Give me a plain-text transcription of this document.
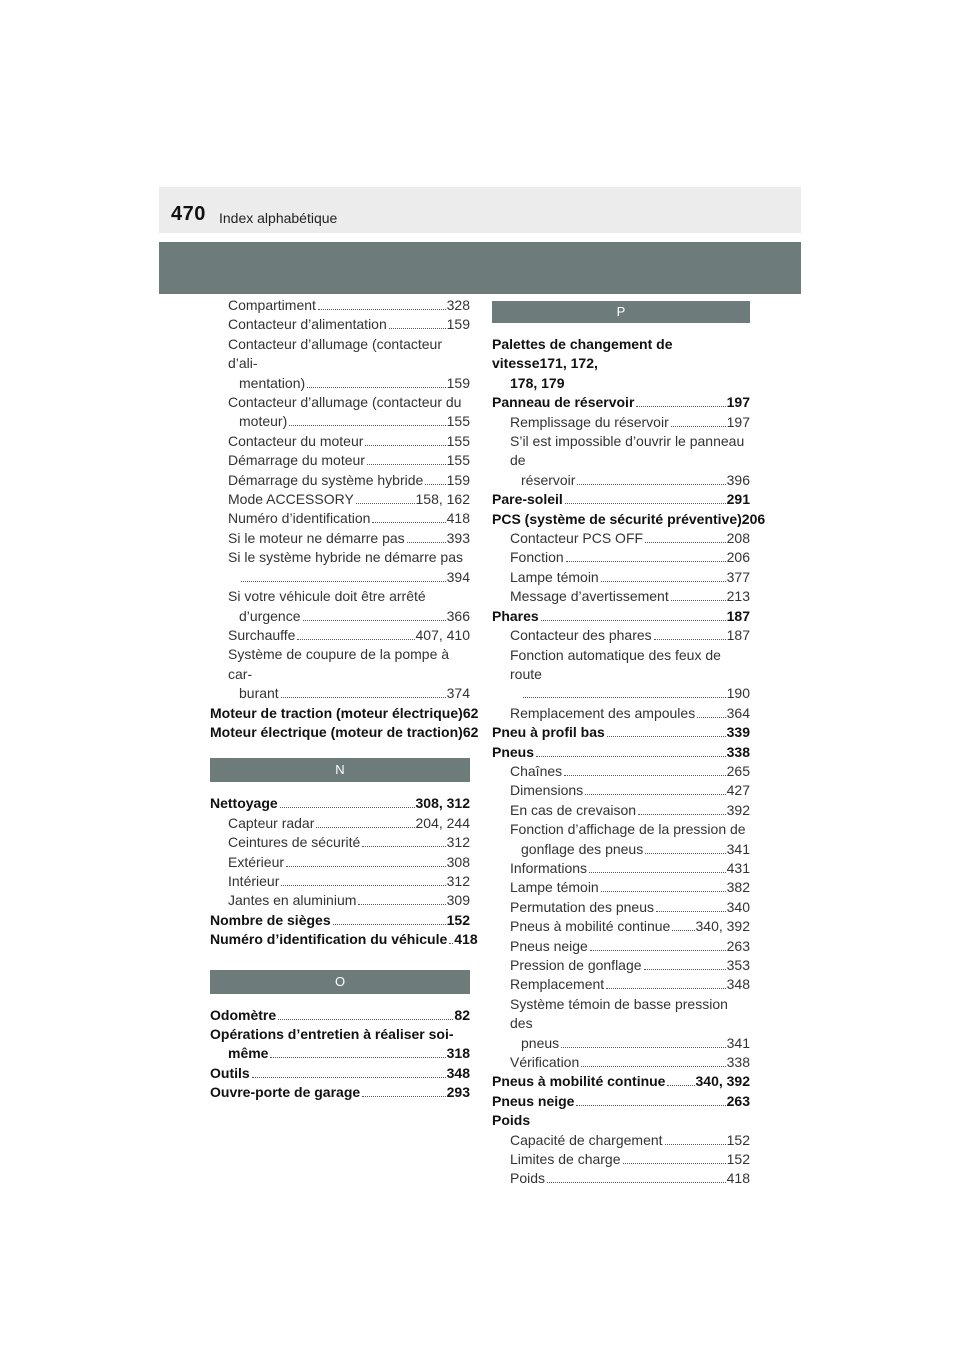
470 Index alphabétique
Compartiment	328
Contacteur d’alimentation	159
Contacteur d’allumage (contacteur d’ali-
mentation)	159
Contacteur d’allumage (contacteur du
moteur)	155
Contacteur du moteur	155
Démarrage du moteur	155
Démarrage du système hybride 159
Mode ACCESSORY	158, 162
Numéro d’identification	418
Si le moteur ne démarre pas	393
Si le système hybride ne démarre pas
394
Si votre véhicule doit être arrêté
d’urgence	366
Surchauffe	407, 410
Système de coupure de la pompe à car-
burant	374
Moteur de traction (moteur électrique) 62
Moteur électrique (moteur de traction) 62
N
Nettoyage	308, 312
Capteur radar	204, 244
Ceintures de sécurité	312
Extérieur	308
Intérieur	312
Jantes en aluminium	309
Nombre de sièges	152
Numéro d’identification du véhicule 418
O
Odomètre	82
Opérations d’entretien à réaliser soi-
même	318
Outils	348
Ouvre-porte de garage	293
P
Palettes de changement de vitesse171, 172,
178, 179
Panneau de réservoir	197
Remplissage du réservoir	197
S’il est impossible d’ouvrir le panneau de
réservoir	396
Pare-soleil	291
PCS (système de sécurité préventive) 206
Contacteur PCS OFF	208
Fonction	206
Lampe témoin	377
Message d’avertissement	213
Phares	187
Contacteur des phares	187
Fonction automatique des feux de route
190
Remplacement des ampoules 364
Pneu à profil bas	339
Pneus	338
Chaînes	265
Dimensions	427
En cas de crevaison	392
Fonction d’affichage de la pression de
gonflage des pneus	341
Informations	431
Lampe témoin	382
Permutation des pneus	340
Pneus à mobilité continue 340, 392
Pneus neige	263
Pression de gonflage	353
Remplacement	348
Système témoin de basse pression des
pneus	341
Vérification	338
Pneus à mobilité continue 340, 392
Pneus neige	263
Poids
Capacité de chargement	152
Limites de charge	152
Poids	418
